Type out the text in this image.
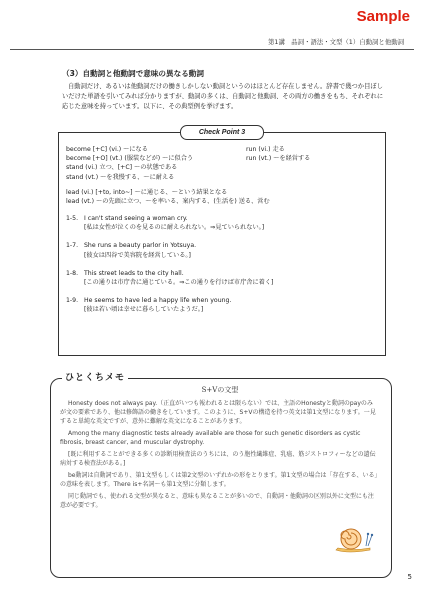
Sample
第1講　品詞・語法・文型（1）自動詞と他動詞
（3）自動詞と他動詞で意味の異なる動詞
自動詞だけ、あるいは他動詞だけの働きしかしない動詞というのはほとんど存在しません。辞書で幾つか目ぼしいだけた単語を引いてみれば分かりますが、動詞の多くは、自動詞と他動詞、その両方の働きをもち、それぞれに応じた意味を持っています。以下に、その典型例を挙げます。
Check Point 3
become [+C] (vi.) 〜になる	run (vi.) 走る
become [+O] (vt.) (服装などが) 〜に似合う	run (vt.) 〜を経営する
stand (vi.) 立つ、[+C] 〜の状態である
stand (vt.) 〜を我慢する、〜に耐える
lead (vi.) [+to, into~] 〜に通じる、〜という結果となる
lead (vt.) 〜の先頭に立つ、〜を率いる、案内する、(生活を) 送る、営む
1-5. I can't stand seeing a woman cry.
[私は女性が泣くのを見るのに耐えられない。⇒見ていられない。]
1-7. She runs a beauty parlor in Yotsuya.
[彼女は四谷で美容院を経営している。]
1-8. This street leads to the city hall.
[この通りは市庁舎に通じている。⇒この通りを行けば市庁舎に着く]
1-9. He seems to have led a happy life when young.
[彼は若い頃は幸せに暮らしていたようだ。]
ひとくちメモ
S+Vの文型

Honesty does not always pay.（正直がいつも報われるとは限らない）では、主語のHonestyと動詞のpayのみが文の要素であり、他は修飾語の働きをしています。このように、S+Vの構造を持つ英文は第1文型になります。一見すると単純な英文ですが、意外に難解な英文になることがあります。

Among the many diagnostic tests already available are those for such genetic disorders as cystic fibrosis, breast cancer, and muscular dystrophy.

[既に利用することができる多くの診断用検査法のうちには、のう胞性繊維症、乳癌、筋ジストロフィーなどの遺伝病対する検査法がある。]

be動詞は自動詞であり、第1文型もしくは第2文型のいずれかの形をとります。第1文型の場合は「存在する、いる」の意味を表します。There is+名詞〜も第1文型に分類します。

同じ動詞でも、使われる文型が異なると、意味も異なることが多いので、自動詞・他動詞の区別以外に文型にも注意が必要です。

5
